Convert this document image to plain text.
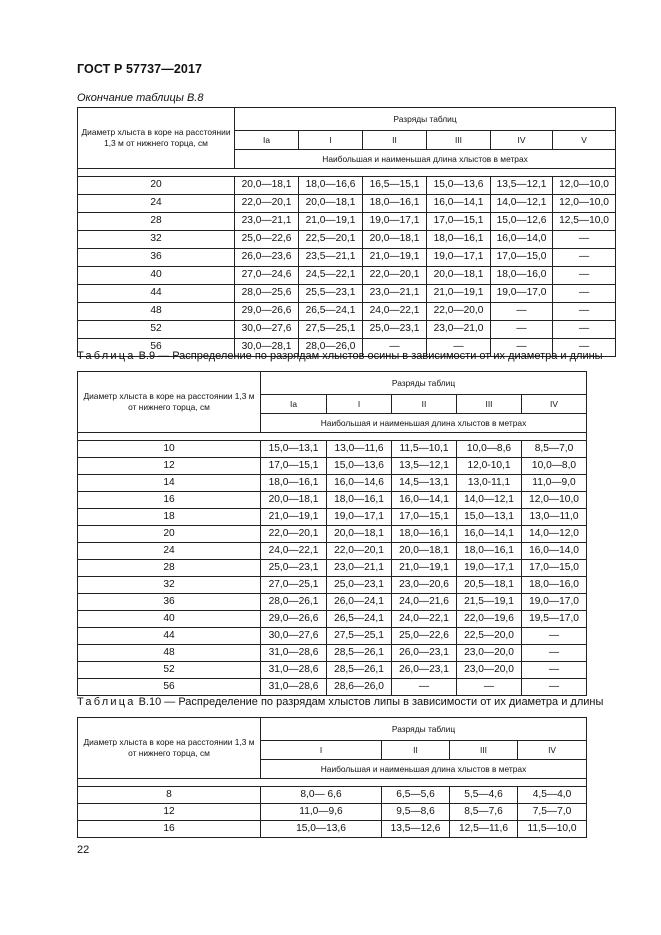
ГОСТ Р 57737—2017
Окончание таблицы В.8
Диаметр хлыста в коре на расстоянии 1,3 м от нижнего торца, см	Разряды таблиц					
	Ia	I	II	III	IV	V
	Наибольшая и наименьшая длина хлыстов в метрах					

20	20,0—18,1	18,0—16,6	16,5—15,1	15,0—13,6	13,5—12,1	12,0—10,0
24	22,0—20,1	20,0—18,1	18,0—16,1	16,0—14,1	14,0—12,1	12,0—10,0
28	23,0—21,1	21,0—19,1	19,0—17,1	17,0—15,1	15,0—12,6	12,5—10,0
32	25,0—22,6	22,5—20,1	20,0—18,1	18,0—16,1	16,0—14,0	—
36	26,0—23,6	23,5—21,1	21,0—19,1	19,0—17,1	17,0—15,0	—
40	27,0—24,6	24,5—22,1	22,0—20,1	20,0—18,1	18,0—16,0	—
44	28,0—25,6	25,5—23,1	23,0—21,1	21,0—19,1	19,0—17,0	—
48	29,0—26,6	26,5—24,1	24,0—22,1	22,0—20,0	—	—
52	30,0—27,6	27,5—25,1	25,0—23,1	23,0—21,0	—	—
56	30,0—28,1	28,0—26,0	—	—	—	—
Таблица В.9 — Распределение по разрядам хлыстов осины в зависимости от их диаметра и длины
Диаметр хлыста в коре на расстоянии 1,3 м от нижнего торца, см	Разряды таблиц				
	Ia	I	II	III	IV
	Наибольшая и наименьшая длина хлыстов в метрах				

10	15,0—13,1	13,0—11,6	11,5—10,1	10,0—8,6	8,5—7,0
12	17,0—15,1	15,0—13,6	13,5—12,1	12,0-10,1	10,0—8,0
14	18,0—16,1	16,0—14,6	14,5—13,1	13,0-11,1	11,0—9,0
16	20,0—18,1	18,0—16,1	16,0—14,1	14,0—12,1	12,0—10,0
18	21,0—19,1	19,0—17,1	17,0—15,1	15,0—13,1	13,0—11,0
20	22,0—20,1	20,0—18,1	18,0—16,1	16,0—14,1	14,0—12,0
24	24,0—22,1	22,0—20,1	20,0—18,1	18,0—16,1	16,0—14,0
28	25,0—23,1	23,0—21,1	21,0—19,1	19,0—17,1	17,0—15,0
32	27,0—25,1	25,0—23,1	23,0—20,6	20,5—18,1	18,0—16,0
36	28,0—26,1	26,0—24,1	24,0—21,6	21,5—19,1	19,0—17,0
40	29,0—26,6	26,5—24,1	24,0—22,1	22,0—19,6	19,5—17,0
44	30,0—27,6	27,5—25,1	25,0—22,6	22,5—20,0	—
48	31,0—28,6	28,5—26,1	26,0—23,1	23,0—20,0	—
52	31,0—28,6	28,5—26,1	26,0—23,1	23,0—20,0	—
56	31,0—28,6	28,6—26,0	—	—	—
Таблица В.10 — Распределение по разрядам хлыстов липы в зависимости от их диаметра и длины
Диаметр хлыста в коре на расстоянии 1,3 м от нижнего торца, см	Разряды таблиц			
	I	II	III	IV
	Наибольшая и наименьшая длина хлыстов в метрах			

8	8,0— 6,6	6,5—5,6	5,5—4,6	4,5—4,0
12	11,0—9,6	9,5—8,6	8,5—7,6	7,5—7,0
16	15,0—13,6	13,5—12,6	12,5—11,6	11,5—10,0
22
